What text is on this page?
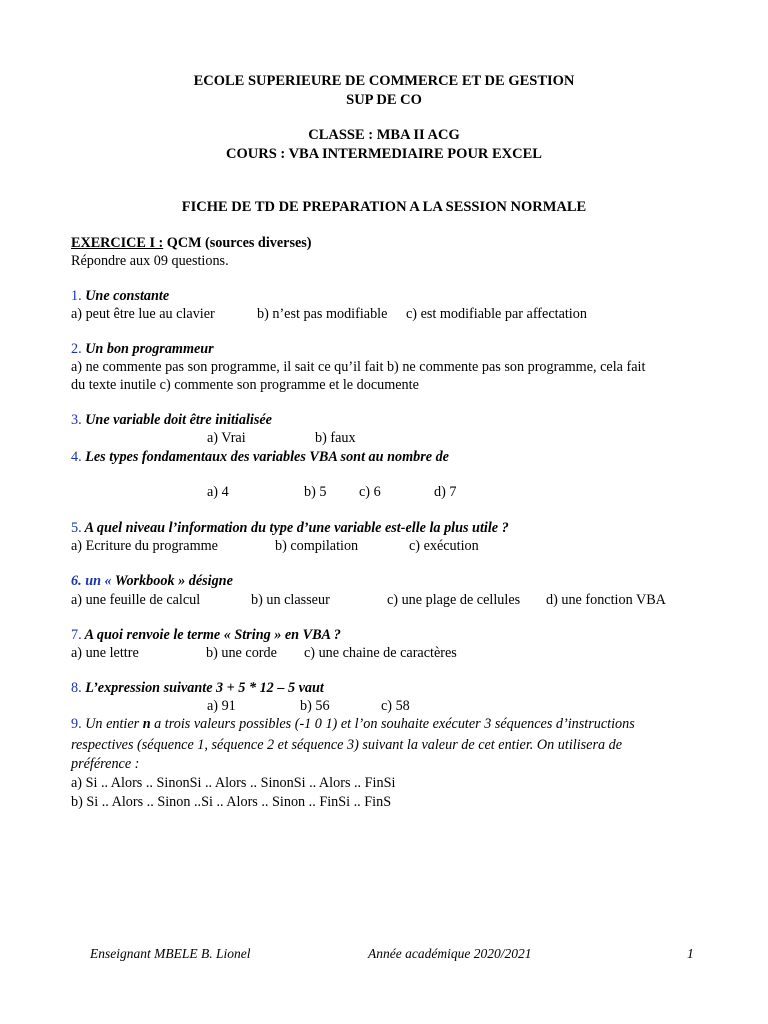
ECOLE SUPERIEURE DE COMMERCE ET DE GESTION
SUP DE CO
CLASSE : MBA II ACG
COURS : VBA INTERMEDIAIRE POUR EXCEL
FICHE DE TD DE PREPARATION A LA SESSION NORMALE
EXERCICE I : QCM (sources diverses)
Répondre aux 09 questions.
1. Une constante
a) peut être lue au clavier	b) n’est pas modifiable c) est modifiable par affectation
2. Un bon programmeur
a) ne commente pas son programme, il sait ce qu’il fait b) ne commente pas son programme, cela fait
du texte inutile c) commente son programme et le documente
3. Une variable doit être initialisée
a) Vrai	b) faux
4. Les types fondamentaux des variables VBA sont au nombre de
a) 4	b) 5 c) 6	d) 7
5. A quel niveau l’information du type d’une variable est-elle la plus utile ?
a) Ecriture du programme	b) compilation	c) exécution
6. un « Workbook » désigne
a) une feuille de calcul	b) un classeur	c) une plage de cellules d) une fonction VBA
7. A quoi renvoie le terme « String » en VBA ?
a) une lettre	b) une corde c) une chaine de caractères
8. L’expression suivante 3 + 5 * 12 – 5 vaut
a) 91	b) 56	c) 58
9. Un entier n a trois valeurs possibles (-1 0 1) et l’on souhaite exécuter 3 séquences d’instructions
respectives (séquence 1, séquence 2 et séquence 3) suivant la valeur de cet entier. On utilisera de
préférence :
a) Si .. Alors .. SinonSi .. Alors .. SinonSi .. Alors .. FinSi
b) Si .. Alors .. Sinon ..Si .. Alors .. Sinon .. FinSi .. FinS
Enseignant MBELE B. Lionel	Année académique 2020/2021	1
